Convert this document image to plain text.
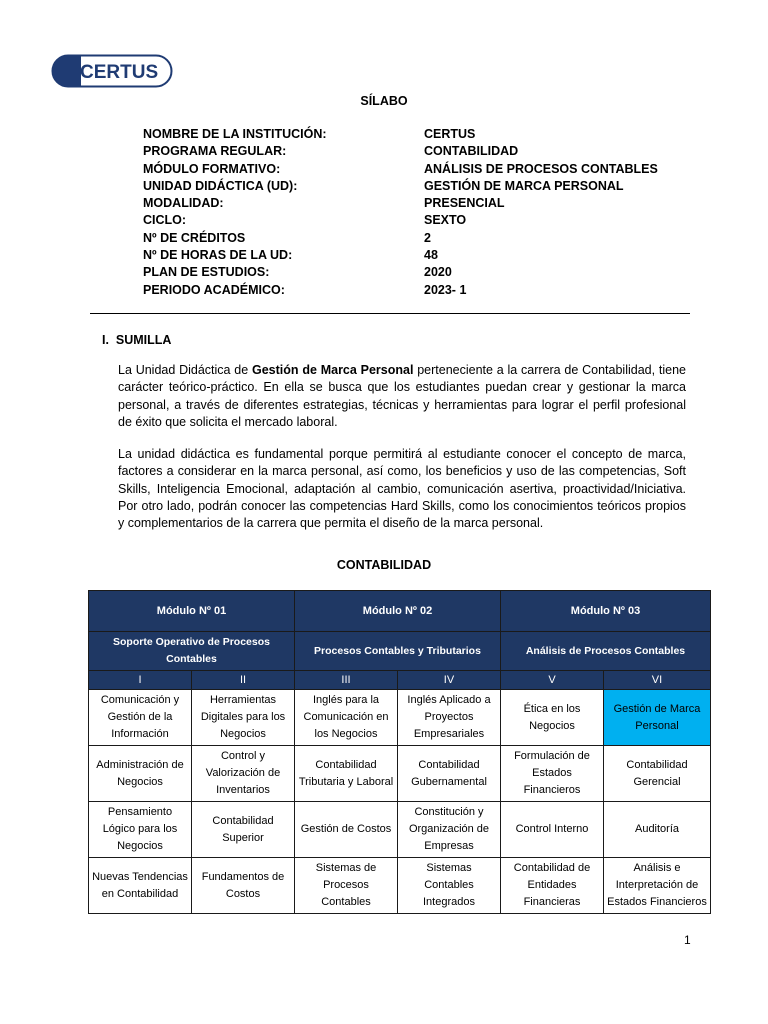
CERTUS
SÍLABO
NOMBRE DE LA INSTITUCIÓN:	CERTUS
PROGRAMA REGULAR:	CONTABILIDAD
MÓDULO FORMATIVO:	ANÁLISIS DE PROCESOS CONTABLES
UNIDAD DIDÁCTICA (UD):	GESTIÓN DE MARCA PERSONAL
MODALIDAD:	PRESENCIAL
CICLO:	SEXTO
Nº DE CRÉDITOS	2
Nº DE HORAS DE LA UD:	48
PLAN DE ESTUDIOS:	2020
PERIODO ACADÉMICO:	2023- 1
I. SUMILLA
La Unidad Didáctica de Gestión de Marca Personal perteneciente a la carrera de Contabilidad, tiene carácter teórico-práctico. En ella se busca que los estudiantes puedan crear y gestionar la marca personal, a través de diferentes estrategias, técnicas y herramientas para lograr el perfil profesional de éxito que solicita el mercado laboral.
La unidad didáctica es fundamental porque permitirá al estudiante conocer el concepto de marca, factores a considerar en la marca personal, así como, los beneficios y uso de las competencias, Soft Skills, Inteligencia Emocional, adaptación al cambio, comunicación asertiva, proactividad/Iniciativa. Por otro lado, podrán conocer las competencias Hard Skills, como los conocimientos teóricos propios y complementarios de la carrera que permita el diseño de la marca personal.
CONTABILIDAD
Módulo Nº 01		Módulo Nº 02		Módulo Nº 03	
Soporte Operativo de Procesos Contables		Procesos Contables y Tributarios		Análisis de Procesos Contables	
I	II	III	IV	V	VI
Comunicación y Gestión de la Información	Herramientas Digitales para los Negocios	Inglés para la Comunicación en los Negocios	Inglés Aplicado a Proyectos Empresariales	Ética en los Negocios	Gestión de Marca Personal
Administración de Negocios	Control y Valorización de Inventarios	Contabilidad Tributaria y Laboral	Contabilidad Gubernamental	Formulación de Estados Financieros	Contabilidad Gerencial
Pensamiento Lógico para los Negocios	Contabilidad Superior	Gestión de Costos	Constitución y Organización de Empresas	Control Interno	Auditoría
Nuevas Tendencias en Contabilidad	Fundamentos de Costos	Sistemas de Procesos Contables	Sistemas Contables Integrados	Contabilidad de Entidades Financieras	Análisis e Interpretación de Estados Financieros
1
